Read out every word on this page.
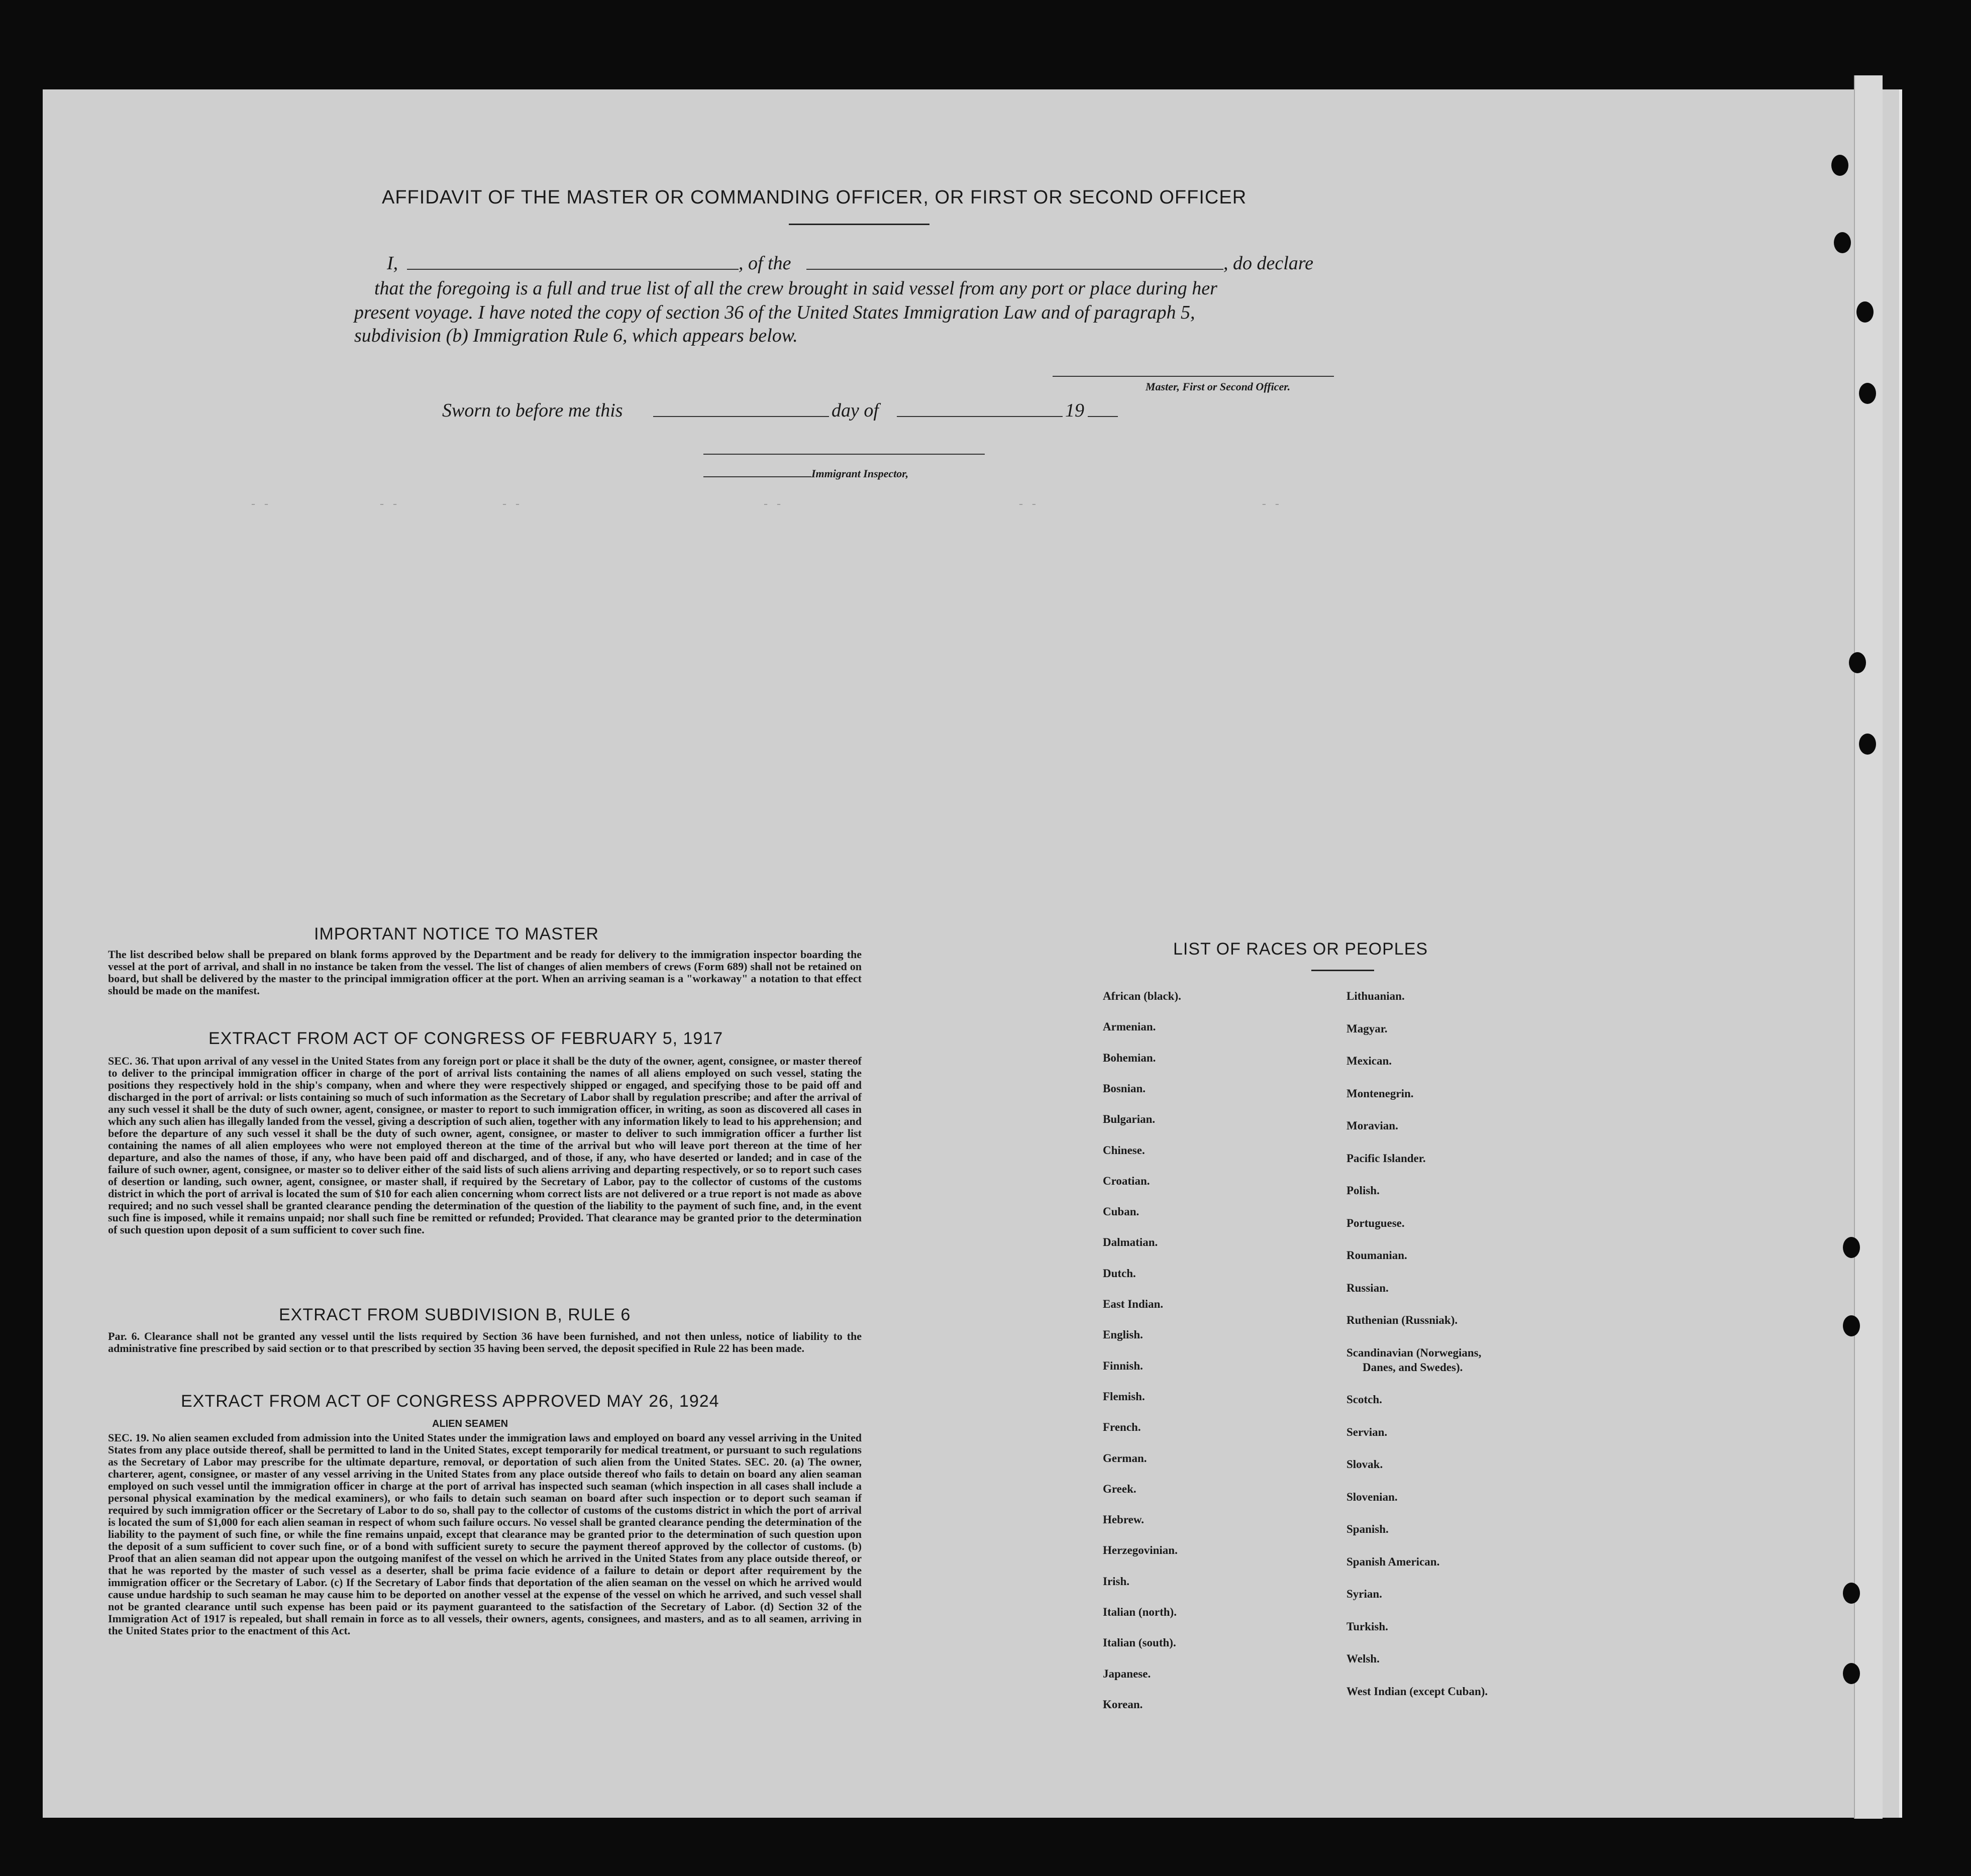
- -                  - -                 - -                                        - -                                       - -                                     - -
AFFIDAVIT OF THE MASTER OR COMMANDING OFFICER, OR FIRST OR SECOND OFFICER
I,	, of the	, do declare
that the foregoing is a full and true list of all the crew brought in said vessel from any port or place during her
present voyage. I have noted the copy of section 36 of the United States Immigration Law and of paragraph 5,
subdivision (b) Immigration Rule 6, which appears below.
Master, First or Second Officer.
Sworn to before me this	day of	19
Immigrant Inspector,
IMPORTANT NOTICE TO MASTER
The list described below shall be prepared on blank forms approved by the Department and be ready for delivery to the immigration inspector boarding the vessel at the port of arrival, and shall in no instance be taken from the vessel. The list of changes of alien members of crews (Form 689) shall not be retained on board, but shall be delivered by the master to the principal immigration officer at the port. When an arriving seaman is a "workaway" a notation to that effect should be made on the manifest.
EXTRACT FROM ACT OF CONGRESS OF FEBRUARY 5, 1917
SEC. 36. That upon arrival of any vessel in the United States from any foreign port or place it shall be the duty of the owner, agent, consignee, or master thereof to deliver to the principal immigration officer in charge of the port of arrival lists containing the names of all aliens employed on such vessel, stating the positions they respectively hold in the ship's company, when and where they were respectively shipped or engaged, and specifying those to be paid off and discharged in the port of arrival: or lists containing so much of such information as the Secretary of Labor shall by regulation prescribe; and after the arrival of any such vessel it shall be the duty of such owner, agent, consignee, or master to report to such immigration officer, in writing, as soon as discovered all cases in which any such alien has illegally landed from the vessel, giving a description of such alien, together with any information likely to lead to his apprehension; and before the departure of any such vessel it shall be the duty of such owner, agent, consignee, or master to deliver to such immigration officer a further list containing the names of all alien employees who were not employed thereon at the time of the arrival but who will leave port thereon at the time of her departure, and also the names of those, if any, who have been paid off and discharged, and of those, if any, who have deserted or landed; and in case of the failure of such owner, agent, consignee, or master so to deliver either of the said lists of such aliens arriving and departing respectively, or so to report such cases of desertion or landing, such owner, agent, consignee, or master shall, if required by the Secretary of Labor, pay to the collector of customs of the customs district in which the port of arrival is located the sum of $10 for each alien concerning whom correct lists are not delivered or a true report is not made as above required; and no such vessel shall be granted clearance pending the determination of the question of the liability to the payment of such fine, and, in the event such fine is imposed, while it remains unpaid; nor shall such fine be remitted or refunded; Provided. That clearance may be granted prior to the determination of such question upon deposit of a sum sufficient to cover such fine.
EXTRACT FROM SUBDIVISION B, RULE 6
Par. 6. Clearance shall not be granted any vessel until the lists required by Section 36 have been furnished, and not then unless, notice of liability to the administrative fine prescribed by said section or to that prescribed by section 35 having been served, the deposit specified in Rule 22 has been made.
EXTRACT FROM ACT OF CONGRESS APPROVED MAY 26, 1924
ALIEN SEAMEN
SEC. 19. No alien seamen excluded from admission into the United States under the immigration laws and employed on board any vessel arriving in the United States from any place outside thereof, shall be permitted to land in the United States, except temporarily for medical treatment, or pursuant to such regulations as the Secretary of Labor may prescribe for the ultimate departure, removal, or deportation of such alien from the United States. SEC. 20. (a) The owner, charterer, agent, consignee, or master of any vessel arriving in the United States from any place outside thereof who fails to detain on board any alien seaman employed on such vessel until the immigration officer in charge at the port of arrival has inspected such seaman (which inspection in all cases shall include a personal physical examination by the medical examiners), or who fails to detain such seaman on board after such inspection or to deport such seaman if required by such immigration officer or the Secretary of Labor to do so, shall pay to the collector of customs of the customs district in which the port of arrival is located the sum of $1,000 for each alien seaman in respect of whom such failure occurs. No vessel shall be granted clearance pending the determination of the liability to the payment of such fine, or while the fine remains unpaid, except that clearance may be granted prior to the determination of such question upon the deposit of a sum sufficient to cover such fine, or of a bond with sufficient surety to secure the payment thereof approved by the collector of customs. (b) Proof that an alien seaman did not appear upon the outgoing manifest of the vessel on which he arrived in the United States from any place outside thereof, or that he was reported by the master of such vessel as a deserter, shall be prima facie evidence of a failure to detain or deport after requirement by the immigration officer or the Secretary of Labor. (c) If the Secretary of Labor finds that deportation of the alien seaman on the vessel on which he arrived would cause undue hardship to such seaman he may cause him to be deported on another vessel at the expense of the vessel on which he arrived, and such vessel shall not be granted clearance until such expense has been paid or its payment guaranteed to the satisfaction of the Secretary of Labor. (d) Section 32 of the Immigration Act of 1917 is repealed, but shall remain in force as to all vessels, their owners, agents, consignees, and masters, and as to all seamen, arriving in the United States prior to the enactment of this Act.
LIST OF RACES OR PEOPLES
African (black).
Armenian.
Bohemian.
Bosnian.
Bulgarian.
Chinese.
Croatian.
Cuban.
Dalmatian.
Dutch.
East Indian.
English.
Finnish.
Flemish.
French.
German.
Greek.
Hebrew.
Herzegovinian.
Irish.
Italian (north).
Italian (south).
Japanese.
Korean.
Lithuanian.
Magyar.
Mexican.
Montenegrin.
Moravian.
Pacific Islander.
Polish.
Portuguese.
Roumanian.
Russian.
Ruthenian (Russniak).
Scandinavian (Norwegians,
Danes, and Swedes).
Scotch.
Servian.
Slovak.
Slovenian.
Spanish.
Spanish American.
Syrian.
Turkish.
Welsh.
West Indian (except Cuban).
